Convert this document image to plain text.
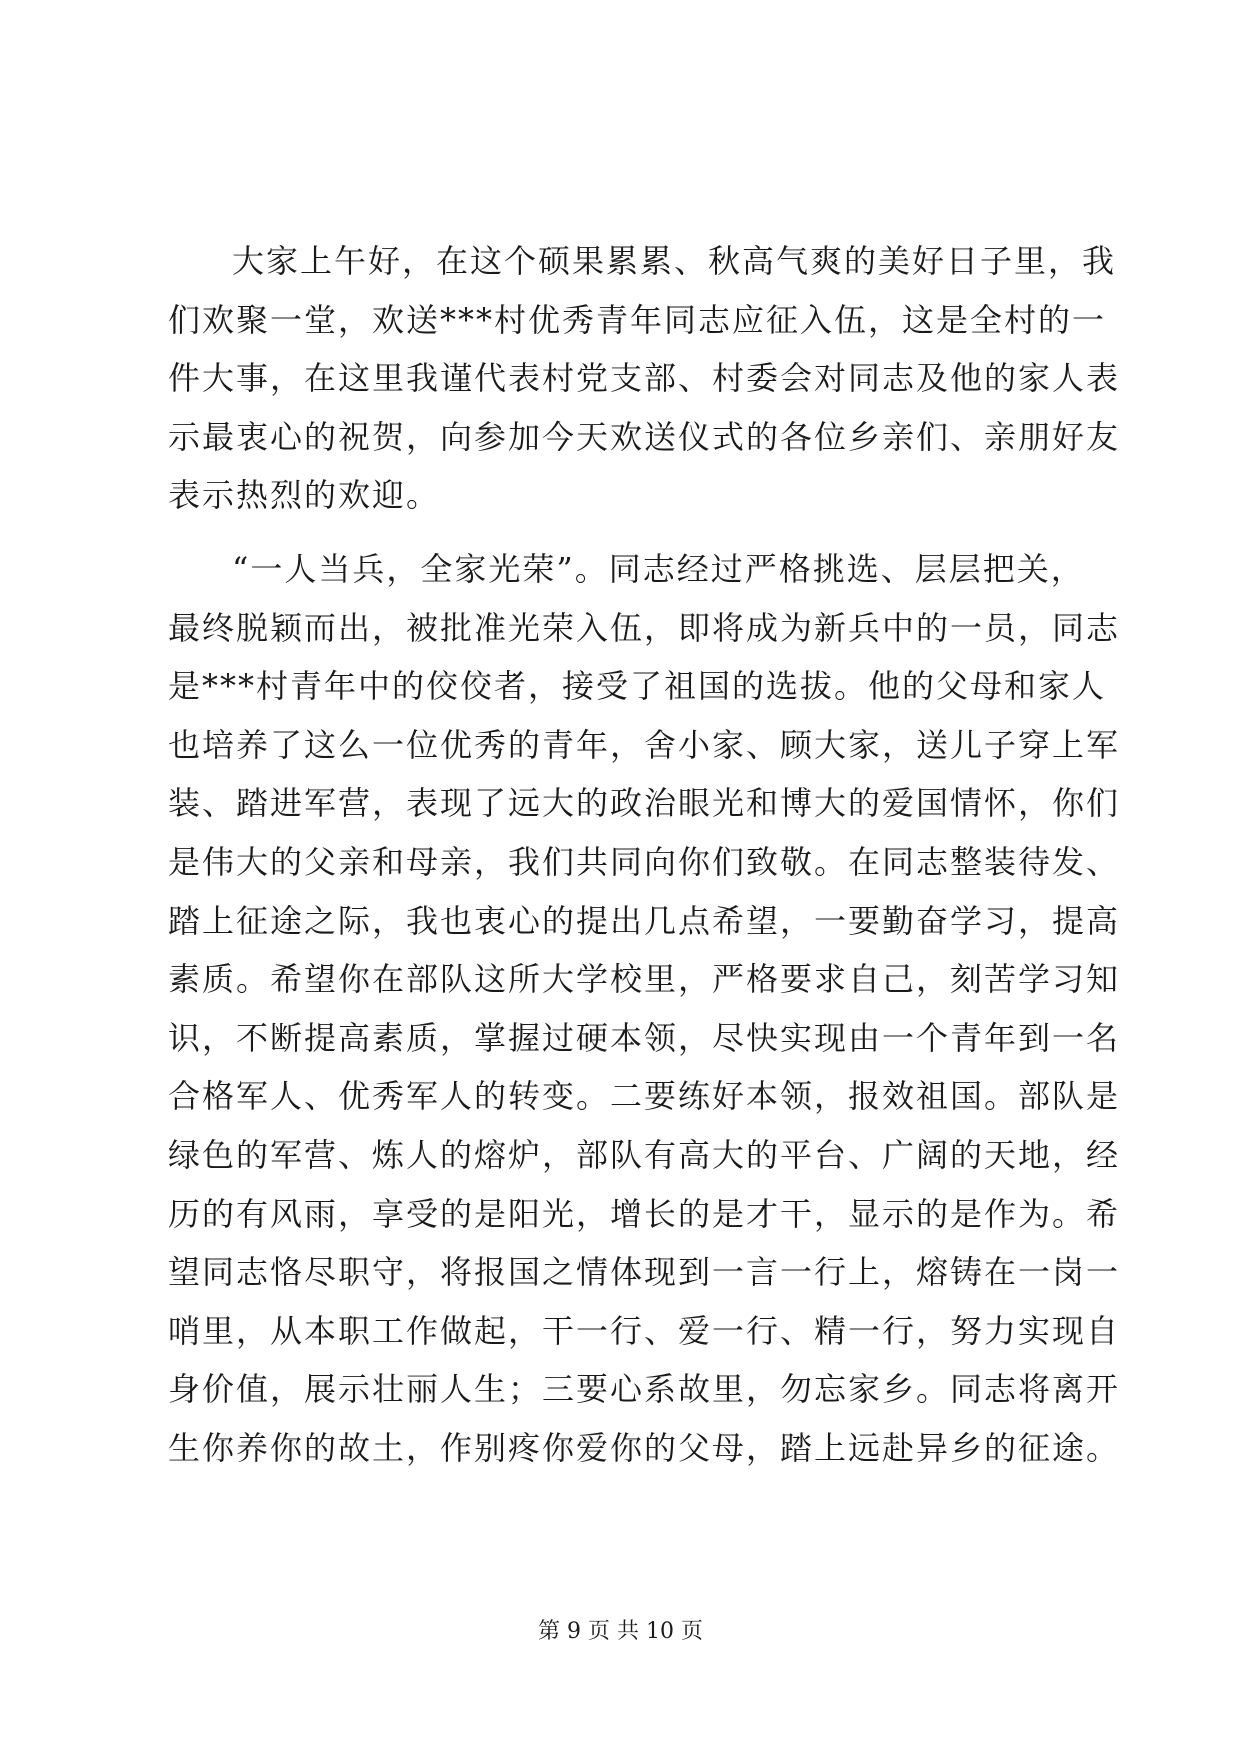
大家上午好，在这个硕果累累、秋高气爽的美好日子里，我
们欢聚一堂，欢送***村优秀青年同志应征入伍，这是全村的一
件大事，在这里我谨代表村党支部、村委会对同志及他的家人表
示最衷心的祝贺，向参加今天欢送仪式的各位乡亲们、亲朋好友
表示热烈的欢迎。
“一人当兵，全家光荣”。同志经过严格挑选、层层把关，
最终脱颖而出，被批准光荣入伍，即将成为新兵中的一员，同志
是***村青年中的佼佼者，接受了祖国的选拔。他的父母和家人
也培养了这么一位优秀的青年，舍小家、顾大家，送儿子穿上军
装、踏进军营，表现了远大的政治眼光和博大的爱国情怀，你们
是伟大的父亲和母亲，我们共同向你们致敬。在同志整装待发、
踏上征途之际，我也衷心的提出几点希望，一要勤奋学习，提高
素质。希望你在部队这所大学校里，严格要求自己，刻苦学习知
识，不断提高素质，掌握过硬本领，尽快实现由一个青年到一名
合格军人、优秀军人的转变。二要练好本领，报效祖国。部队是
绿色的军营、炼人的熔炉，部队有高大的平台、广阔的天地，经
历的有风雨，享受的是阳光，增长的是才干，显示的是作为。希
望同志恪尽职守，将报国之情体现到一言一行上，熔铸在一岗一
哨里，从本职工作做起，干一行、爱一行、精一行，努力实现自
身价值，展示壮丽人生；三要心系故里，勿忘家乡。同志将离开
生你养你的故土，作别疼你爱你的父母，踏上远赴异乡的征途。
第 9 页 共 10 页
